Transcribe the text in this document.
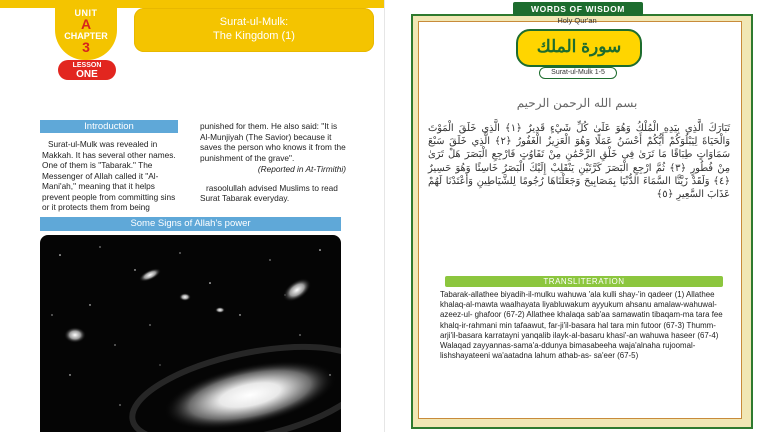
UNIT
A
CHAPTER
3
LESSON
ONE
Surat-ul-Mulk:
The Kingdom (1)
Introduction

Surat-ul-Mulk was revealed in Makkah. It has several other names. One of them is "Tabarak." The Messenger of Allah called it "Al-Mani'ah," meaning that it helps prevent people from committing sins or it protects them from being

punished for them. He also said: "It is Al-Munjiyah (The Savior) because it saves the person who knows it from the punishment of the grave".

(Reported in At-Tirmithi)

rasoolullah advised Muslims to read Surat Tabarak everyday.

Some Signs of Allah's power
WORDS OF WISDOM
Holy Qur'an
سورة الملك
Surat-ul-Mulk 1-5
بسم الله الرحمن الرحيم
تَبَارَكَ الَّذِي بِيَدِهِ الْمُلْكُ وَهُوَ عَلَىٰ كُلِّ شَيْءٍ قَدِيرٌ ﴿١﴾ الَّذِي خَلَقَ الْمَوْتَ وَالْحَيَاةَ لِيَبْلُوَكُمْ أَيُّكُمْ أَحْسَنُ عَمَلًا وَهُوَ الْعَزِيزُ الْغَفُورُ ﴿٢﴾ الَّذِي خَلَقَ سَبْعَ سَمَاوَاتٍ طِبَاقًا مَا تَرَىٰ فِي خَلْقِ الرَّحْمَٰنِ مِنْ تَفَاوُتٍ فَارْجِعِ الْبَصَرَ هَلْ تَرَىٰ مِنْ فُطُورٍ ﴿٣﴾ ثُمَّ ارْجِعِ الْبَصَرَ كَرَّتَيْنِ يَنْقَلِبْ إِلَيْكَ الْبَصَرُ خَاسِئًا وَهُوَ حَسِيرٌ ﴿٤﴾ وَلَقَدْ زَيَّنَّا السَّمَاءَ الدُّنْيَا بِمَصَابِيحَ وَجَعَلْنَاهَا رُجُومًا لِلشَّيَاطِينِ وَأَعْتَدْنَا لَهُمْ عَذَابَ السَّعِيرِ ﴿٥﴾
TRANSLITERATION
Tabarak-allathee biyadih-il-mulku wahuwa 'ala kulli shay-'in qadeer (1) Allathee khalaq-al-mawta waalhayata liyabluwakum ayyukum ahsanu amalaw-wahuwal-azeez-ul- ghafoor (67-2) Allathee khalaqa sab'aa samawatin tibaqam-ma tara fee khalq-ir-rahmani min tafaawut, far-ji'il-basara hal tara min futoor (67-3) Thumm-arji'il-basara karratayni yanqalib ilayk-al-basaru khasi'-an wahuwa haseer (67-4) Walaqad zayyannas-sama'a-ddunya bimasabeeha waja'alnaha rujoomal-lishshayateeni wa'aatadna lahum athab-as- sa'eer (67-5)
